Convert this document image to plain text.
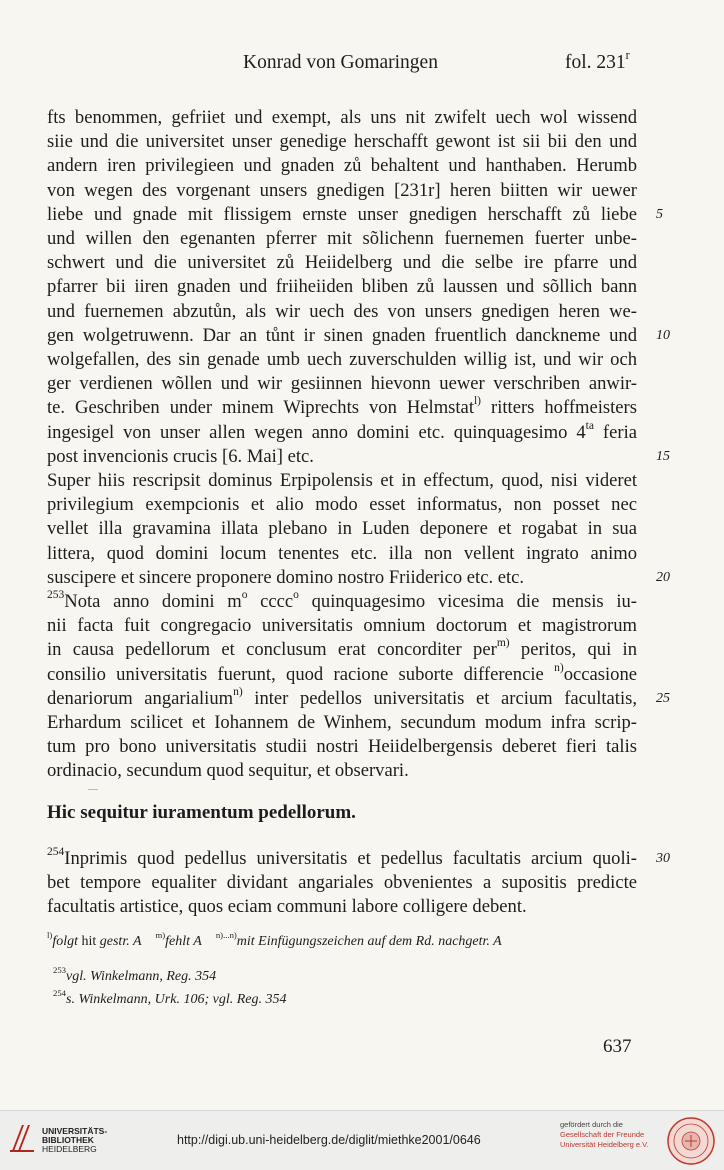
Konrad von Gomaringen	fol. 231$^r$
fts benommen, gefriiet und exempt, als uns nit zwifelt uech wol wissend
siie und die universitet unser genedige herschafft gewont ist sii bii den und
andern iren privilegieen und gnaden zů behaltent und hanthaben. Herumb
von wegen des vorgenant unsers gnedigen [231r] heren biitten wir uewer
liebe und gnade mit flissigem ernste unser gnedigen herschafft zů liebe 5
und willen den egenanten pferrer mit sõlichenn fuernemen fuerter unbe-
schwert und die universitet zů Heiidelberg und die selbe ire pfarre und
pfarrer bii iiren gnaden und friiheiiden bliben zů laussen und sõllich bann
und fuernemen abzutůn, als wir uech des von unsers gnedigen heren we-
gen wolgetruwenn. Dar an tůnt ir sinen gnaden fruentlich danckneme und 10
wolgefallen, des sin genade umb uech zuverschulden willig ist, und wir och
ger verdienen wõllen und wir gesiinnen hievonn uewer verschriben anwir-
te. Geschriben under minem Wiprechts von Helmstat$^{l)}$ ritters hoffmeisters
ingesigel von unser allen wegen anno domini etc. quinquagesimo $4^{ta}$ feria
post invencionis crucis [6. Mai] etc.	15
Super hiis rescripsit dominus Erpipolensis et in effectum, quod, nisi videret
privilegium exempcionis et alio modo esset informatus, non posset nec
vellet illa gravamina illata plebano in Luden deponere et rogabat in sua
littera, quod domini locum tenentes etc. illa non vellent ingrato animo
suscipere et sincere proponere domino nostro Friiderico etc. etc.	20
$^{253}$Nota anno domini $m^o$ cccc$^o$ quinquagesimo vicesima die mensis iu-
nii facta fuit congregacio universitatis omnium doctorum et magistrorum
in causa pedellorum et conclusum erat concorditer per$^{m)}$ peritos, qui in
consilio universitatis fuerunt, quod racione suborte differencie $^{n)}$occasione
denariorum angarialium$^{n)}$ inter pedellos universitatis et arcium facultatis, 25
Erhardum scilicet et Iohannem de Winhem, secundum modum infra scrip-
tum pro bono universitatis studii nostri Heiidelbergensis deberet fieri talis
ordinacio, secundum quod sequitur, et observari.
Hic sequitur iuramentum pedellorum.
$^{254}$Inprimis quod pedellus universitatis et pedellus facultatis arcium quoli- 30
bet tempore equaliter dividant angariales obvenientes a supositis predicte
facultatis artistice, quos eciam communi labore colligere debent.
$^{l)}$folgt hit gestr. A $^{m)}$fehlt A $^{n)...n)}$mit Einfügungszeichen auf dem Rd. nachgetr. A
$^{253}$vgl. Winkelmann, Reg. 354
$^{254}$s. Winkelmann, Urk. 106; vgl. Reg. 354
637
UNIVERSITÄTS-
BIBLIOTHEK
HEIDELBERG
http://digi.ub.uni-heidelberg.de/diglit/miethke2001/0646
gefördert durch die
Gesellschaft der Freunde
Universität Heidelberg e.V.
